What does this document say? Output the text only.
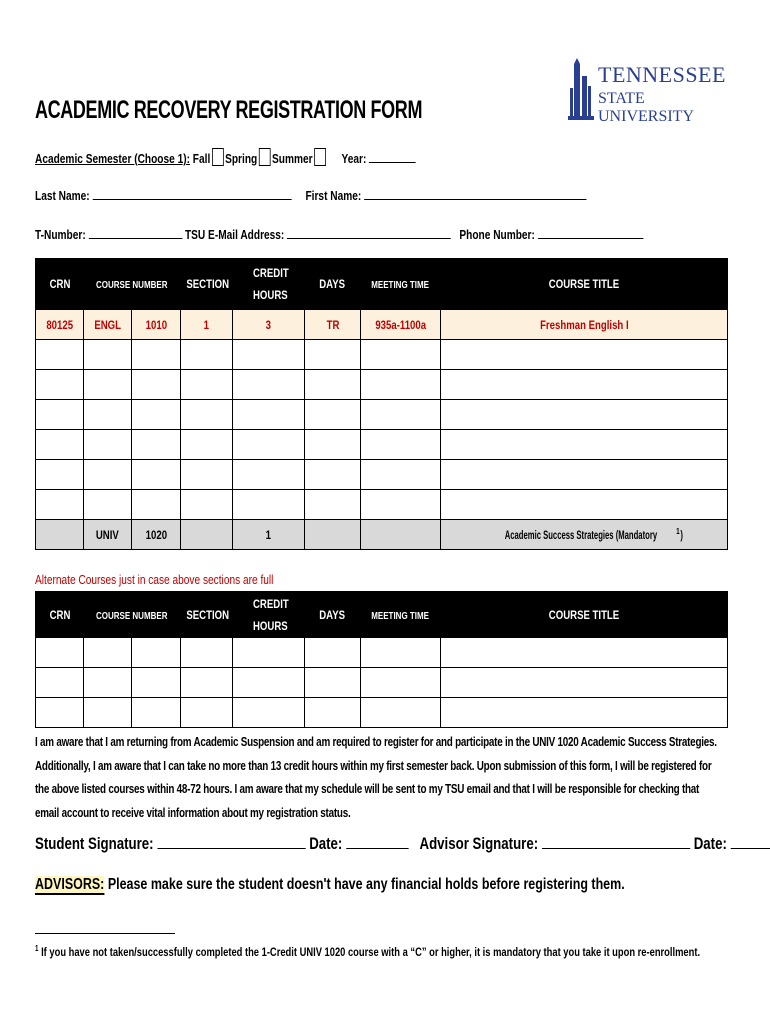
TENNESSEE
STATE UNIVERSITY
ACADEMIC RECOVERY REGISTRATION FORM
Academic Semester (Choose 1): Fall Spring Summer Year:
Last Name:	First Name:
T-Number:	TSU E-Mail Address:	Phone Number:
CRN	COURSE NUMBER		SECTION	CREDIT HOURS	DAYS	MEETING TIME	COURSE TITLE
80125	ENGL	1010	1	3	TR	935a-1100a	Freshman English I

	UNIV	1020		1			Academic Success Strategies (Mandatory $^1$)
Alternate Courses just in case above sections are full
CRN	COURSE NUMBER		SECTION	CREDIT HOURS	DAYS	MEETING TIME	COURSE TITLE

I am aware that I am returning from Academic Suspension and am required to register for and participate in the UNIV 1020 Academic Success Strategies. Additionally, I am aware that I can take no more than 13 credit hours within my first semester back. Upon submission of this form, I will be registered for the above listed courses within 48-72 hours. I am aware that my schedule will be sent to my TSU email and that I will be responsible for checking that email account to receive vital information about my registration status.
Student Signature:	Date:	Advisor Signature:	Date:
ADVISORS: Please make sure the student doesn't have any financial holds before registering them.
$^1$ If you have not taken/successfully completed the 1-Credit UNIV 1020 course with a “C” or higher, it is mandatory that you take it upon re-enrollment.
